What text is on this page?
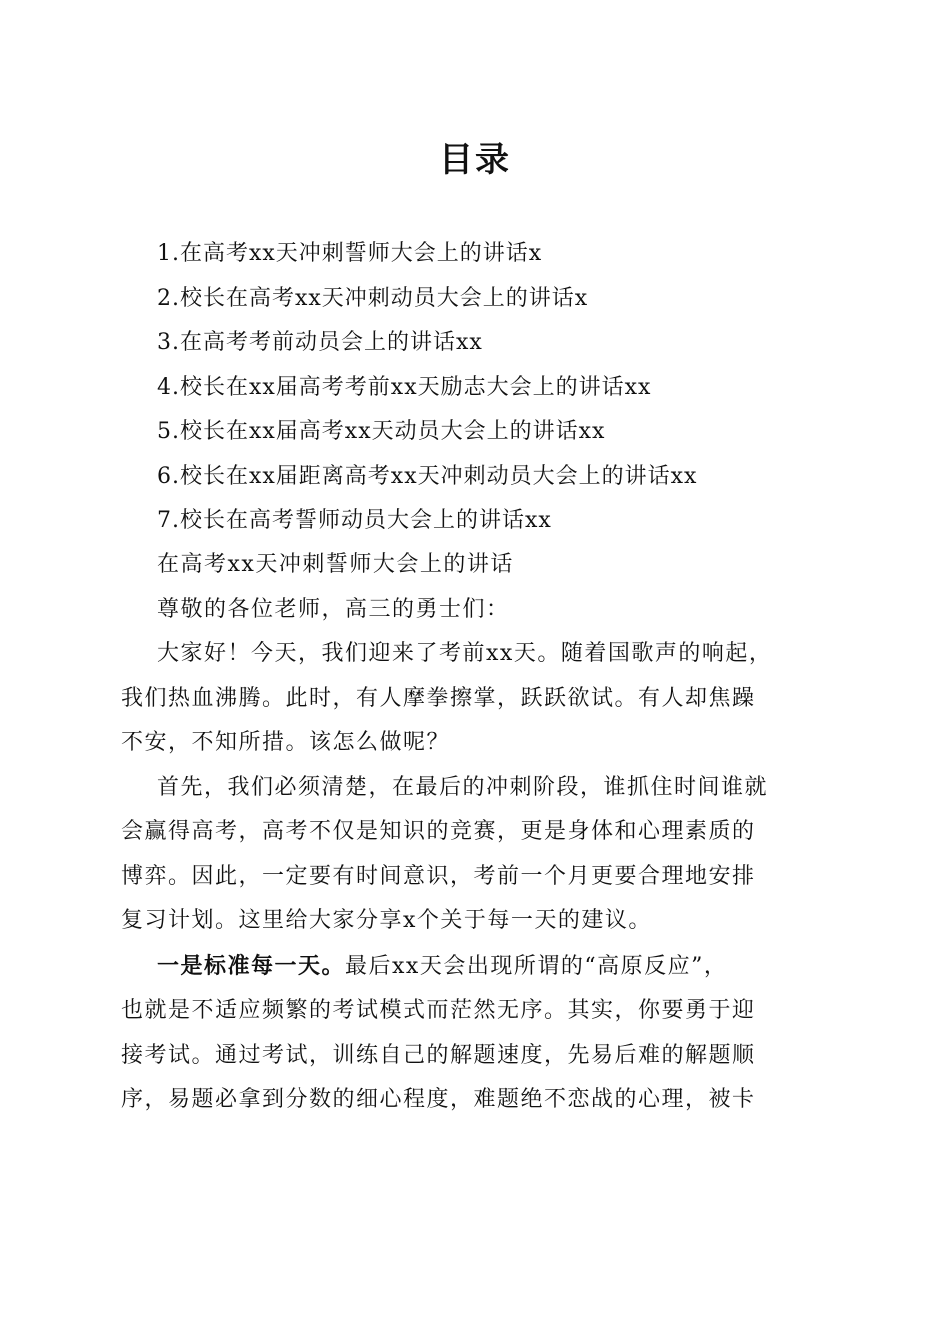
目录
1.在高考xx天冲刺誓师大会上的讲话x
2.校长在高考xx天冲刺动员大会上的讲话x
3.在高考考前动员会上的讲话xx
4.校长在xx届高考考前xx天励志大会上的讲话xx
5.校长在xx届高考xx天动员大会上的讲话xx
6.校长在xx届距离高考xx天冲刺动员大会上的讲话xx
7.校长在高考誓师动员大会上的讲话xx
在高考xx天冲刺誓师大会上的讲话
尊敬的各位老师，高三的勇士们：
大家好！今天，我们迎来了考前xx天。随着国歌声的响起，
我们热血沸腾。此时，有人摩拳擦掌，跃跃欲试。有人却焦躁
不安，不知所措。该怎么做呢？
首先，我们必须清楚，在最后的冲刺阶段，谁抓住时间谁就
会赢得高考，高考不仅是知识的竞赛，更是身体和心理素质的
博弈。因此，一定要有时间意识，考前一个月更要合理地安排
复习计划。这里给大家分享x个关于每一天的建议。
一是标准每一天。最后xx天会出现所谓的“高原反应”，
也就是不适应频繁的考试模式而茫然无序。其实，你要勇于迎
接考试。通过考试，训练自己的解题速度，先易后难的解题顺
序，易题必拿到分数的细心程度，难题绝不恋战的心理，被卡
